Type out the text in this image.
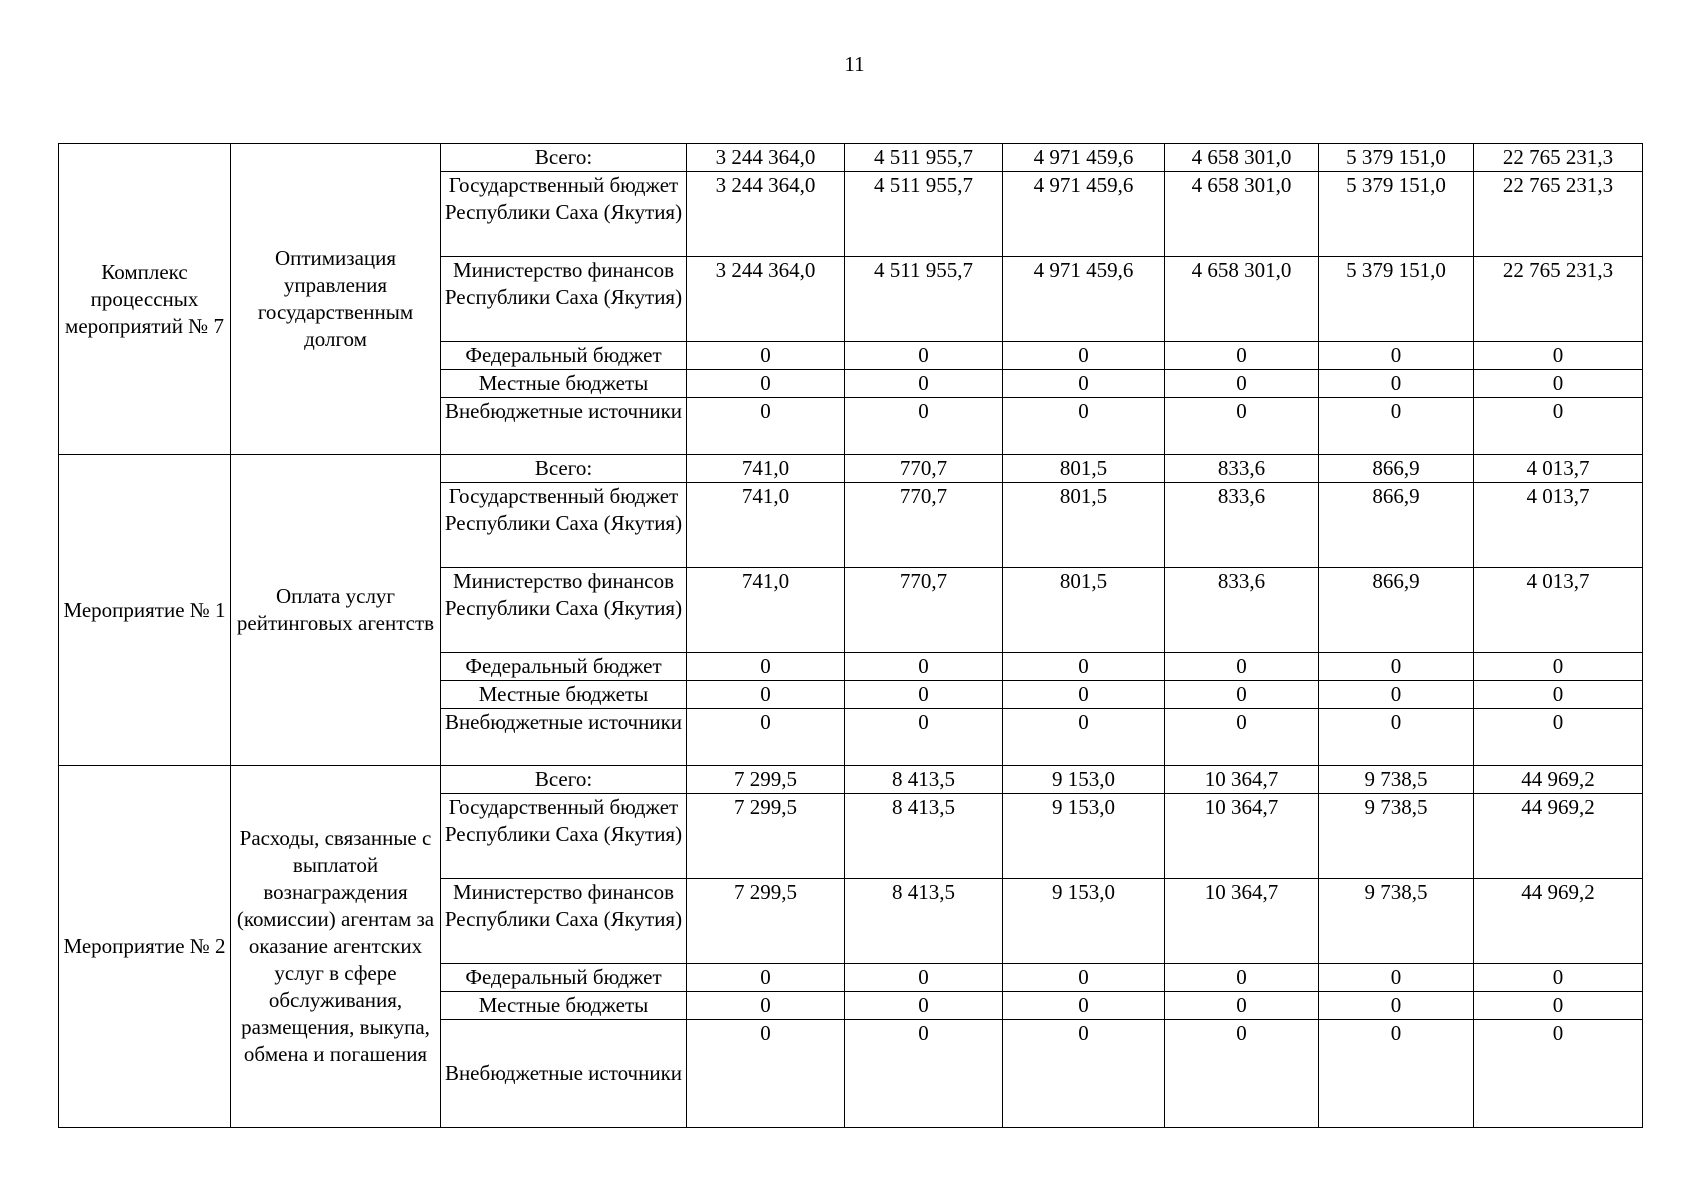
11
Комплекс процессных мероприятий № 7	Оптимизация управления государственным долгом	Всего:	3 244 364,0	4 511 955,7	4 971 459,6	4 658 301,0	5 379 151,0	22 765 231,3
		Государственный бюджет Республики Саха (Якутия)	3 244 364,0	4 511 955,7	4 971 459,6	4 658 301,0	5 379 151,0	22 765 231,3
		Министерство финансов Республики Саха (Якутия)	3 244 364,0	4 511 955,7	4 971 459,6	4 658 301,0	5 379 151,0	22 765 231,3
		Федеральный бюджет	0	0	0	0	0	0
		Местные бюджеты	0	0	0	0	0	0
		Внебюджетные источники	0	0	0	0	0	0
Мероприятие № 1	Оплата услуг рейтинговых агентств	Всего:	741,0	770,7	801,5	833,6	866,9	4 013,7
		Государственный бюджет Республики Саха (Якутия)	741,0	770,7	801,5	833,6	866,9	4 013,7
		Министерство финансов Республики Саха (Якутия)	741,0	770,7	801,5	833,6	866,9	4 013,7
		Федеральный бюджет	0	0	0	0	0	0
		Местные бюджеты	0	0	0	0	0	0
		Внебюджетные источники	0	0	0	0	0	0
Мероприятие № 2	Расходы, связанные с выплатой вознаграждения (комиссии) агентам за оказание агентских услуг в сфере обслуживания, размещения, выкупа, обмена и погашения	Всего:	7 299,5	8 413,5	9 153,0	10 364,7	9 738,5	44 969,2
		Государственный бюджет Республики Саха (Якутия)	7 299,5	8 413,5	9 153,0	10 364,7	9 738,5	44 969,2
		Министерство финансов Республики Саха (Якутия)	7 299,5	8 413,5	9 153,0	10 364,7	9 738,5	44 969,2
		Федеральный бюджет	0	0	0	0	0	0
		Местные бюджеты	0	0	0	0	0	0
		Внебюджетные источники	0	0	0	0	0	0
